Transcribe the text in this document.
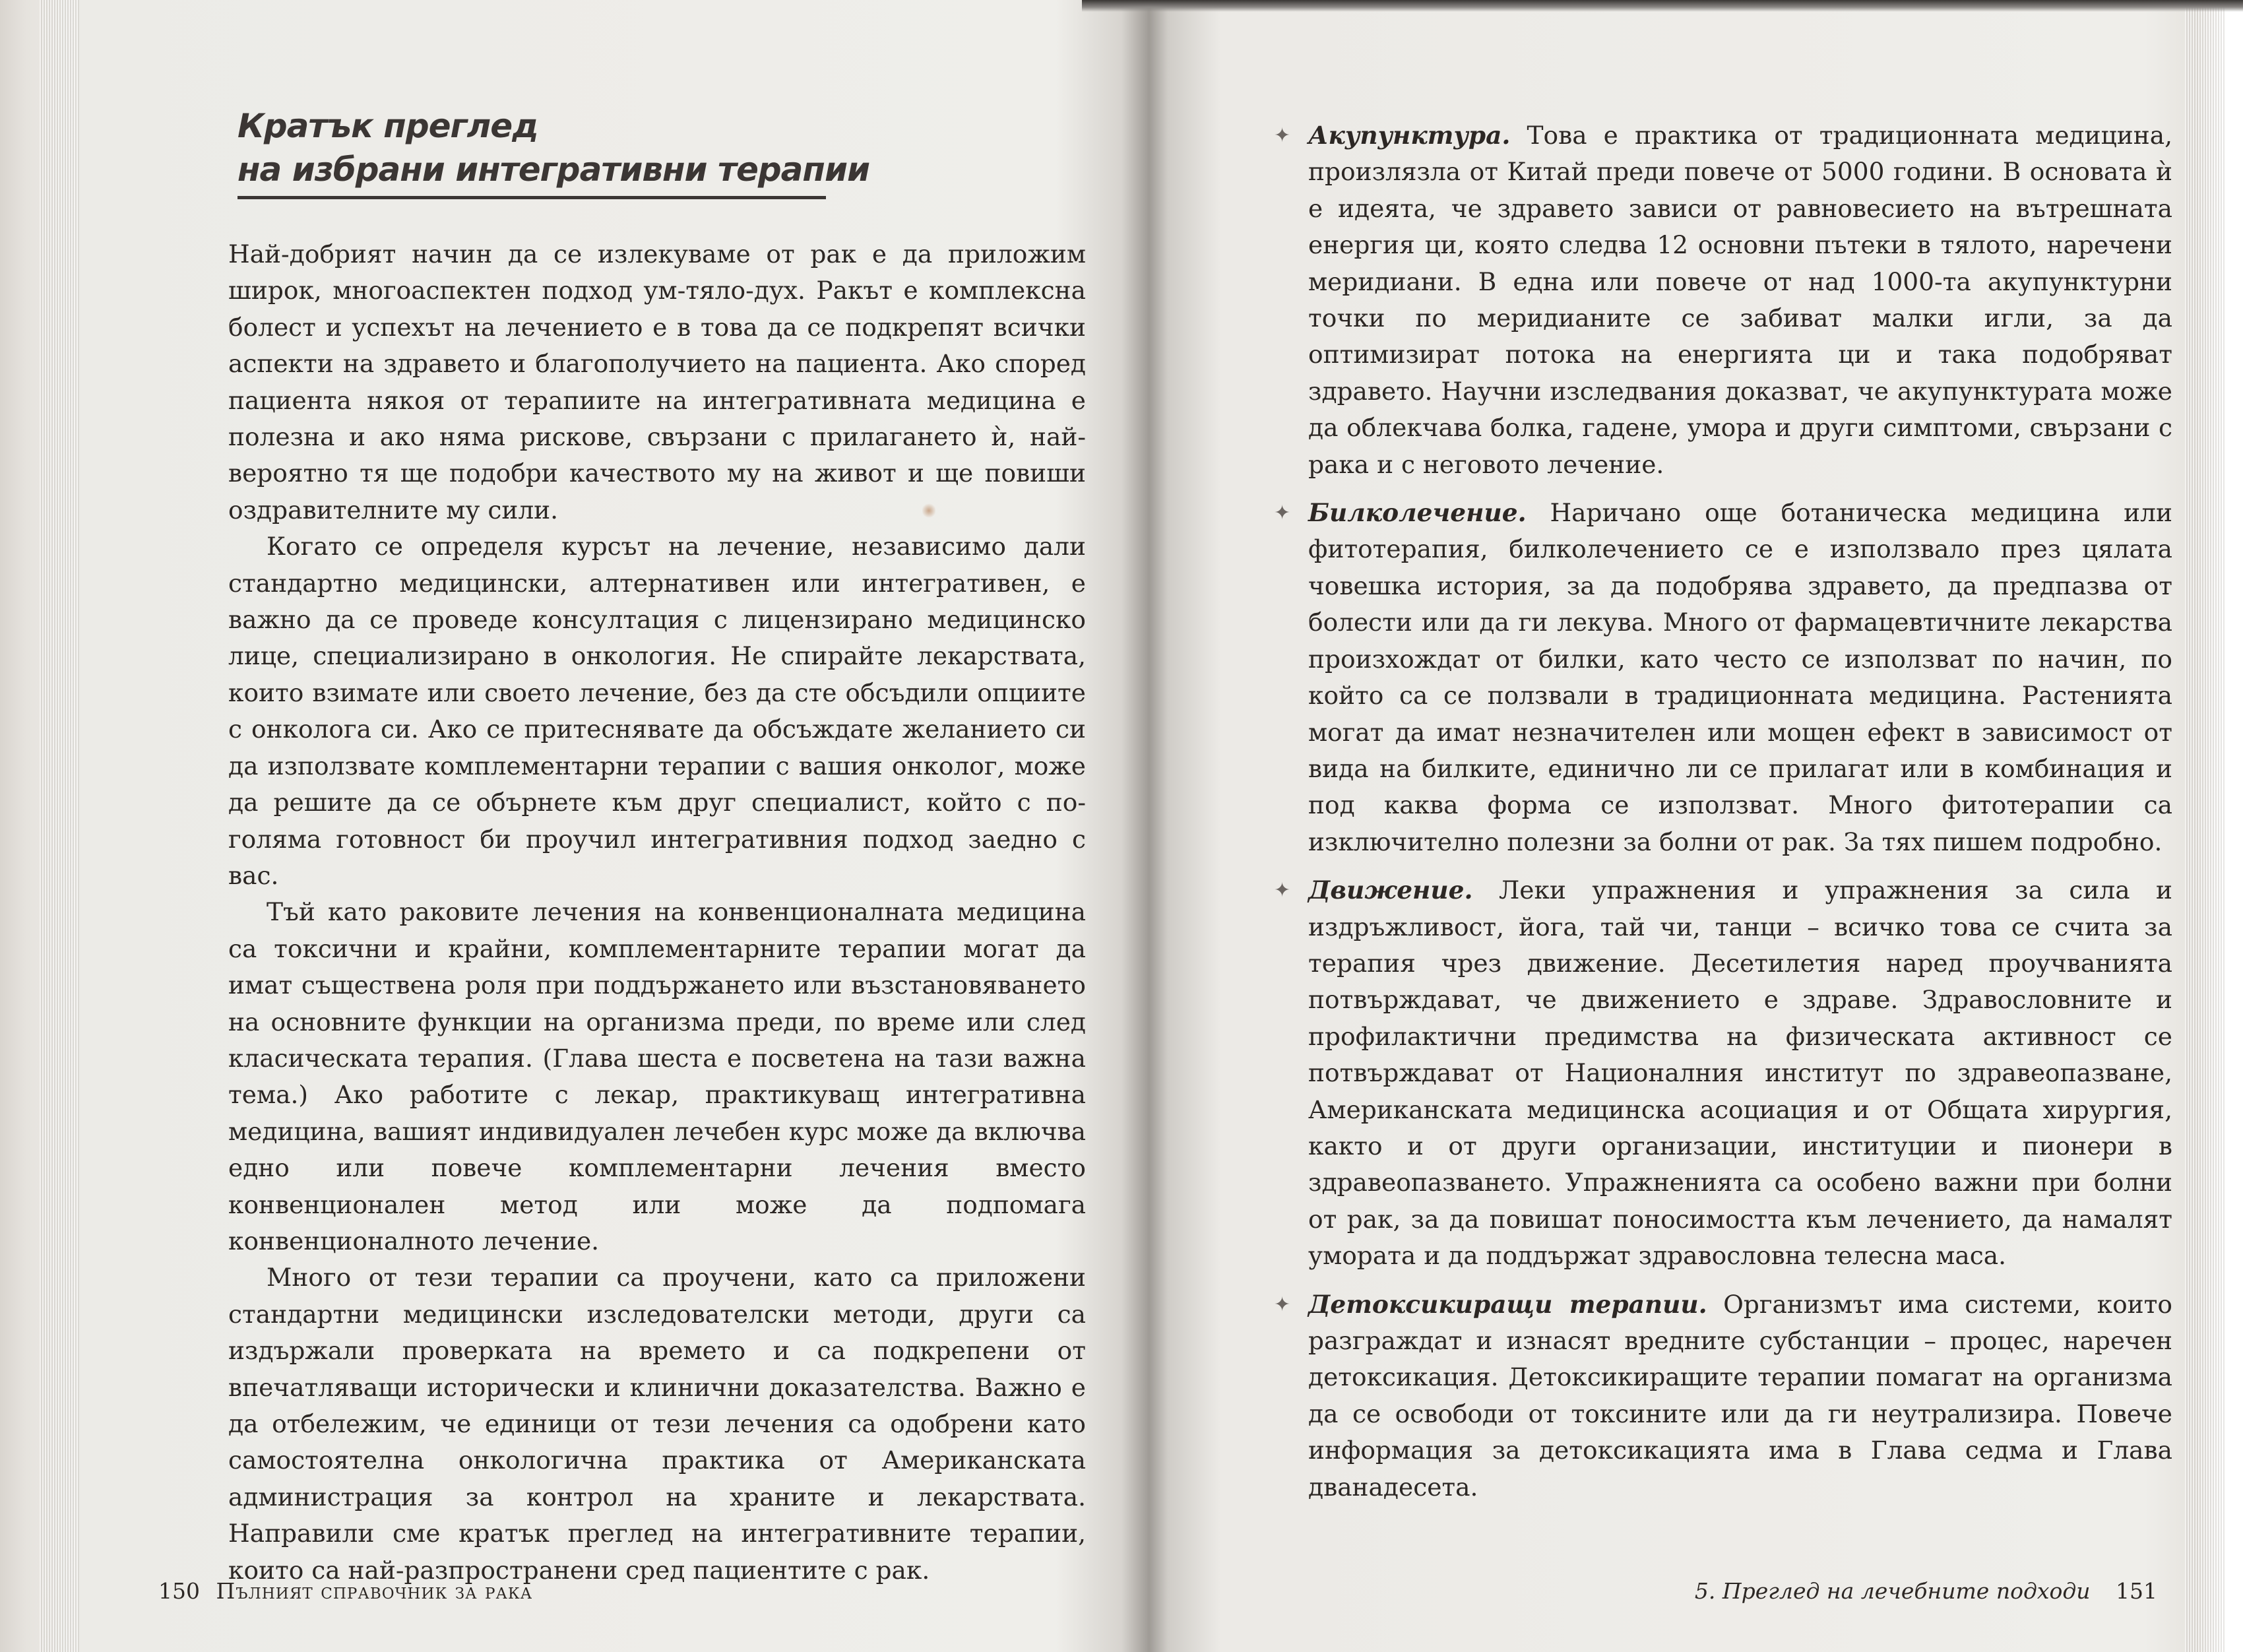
Кратък преглед
на избрани интегративни терапии

Най-добрият начин да се излекуваме от рак е да приложим широк, многоаспектен подход ум-тяло-дух. Ракът е комплексна болест и успехът на лечението е в това да се подкрепят всички аспекти на здравето и благополучието на пациента. Ако според пациента някоя от терапиите на интегративната медицина е полезна и ако няма рискове, свързани с прилагането ѝ, най-вероятно тя ще подобри качеството му на живот и ще повиши оздравителните му сили.

Когато се определя курсът на лечение, независимо дали стандартно медицински, алтернативен или интегративен, е важно да се проведе консултация с лицензирано медицинско лице, специализирано в онкология. Не спирайте лекарствата, които взимате или своето лечение, без да сте обсъдили опциите с онколога си. Ако се притеснявате да обсъждате желанието си да използвате комплементарни терапии с вашия онколог, може да решите да се обърнете към друг специалист, който с по-голяма готовност би проучил интегративния подход заедно с вас.

Тъй като раковите лечения на конвенционалната медицина са токсични и крайни, комплементарните терапии могат да имат съществена роля при поддържането или възстановяването на основните функции на организма преди, по време или след класическата терапия. (Глава шеста е посветена на тази важна тема.) Ако работите с лекар, практикуващ интегративна медицина, вашият индивидуален лечебен курс може да включва едно или повече комплементарни лечения вместо конвенционален метод или може да подпомага конвенционалното лечение.

Много от тези терапии са проучени, като са приложени стандартни медицински изследователски методи, други са издържали проверката на времето и са подкрепени от впечатляващи исторически и клинични доказателства. Важно е да отбележим, че единици от тези лечения са одобрени като самостоятелна онкологична практика от Американската администрация за контрол на храните и лекарствата. Направили сме кратък преглед на интегративните терапии, които са най-разпространени сред пациентите с рак.

150 Пълният справочник за рака
✦ Акупунктура. Това е практика от традиционната медицина, произлязла от Китай преди повече от 5000 години. В основата ѝ е идеята, че здравето зависи от равновесието на вътрешната енергия ци, която следва 12 основни пътеки в тялото, наречени меридиани. В една или повече от над 1000-та акупунктурни точки по меридианите се забиват малки игли, за да оптимизират потока на енергията ци и така подобряват здравето. Научни изследвания доказват, че акупунктурата може да облекчава болка, гадене, умора и други симптоми, свързани с рака и с неговото лечение.
✦ Билколечение. Наричано още ботаническа медицина или фитотерапия, билколечението се е използвало през цялата човешка история, за да подобрява здравето, да предпазва от болести или да ги лекува. Много от фармацевтичните лекарства произхождат от билки, като често се използват по начин, по който са се ползвали в традиционната медицина. Растенията могат да имат незначителен или мощен ефект в зависимост от вида на билките, единично ли се прилагат или в комбинация и под каква форма се използват. Много фитотерапии са изключително полезни за болни от рак. За тях пишем подробно.
✦ Движение. Леки упражнения и упражнения за сила и издръжливост, йога, тай чи, танци – всичко това се счита за терапия чрез движение. Десетилетия наред проучванията потвърждават, че движението е здраве. Здравословните и профилактични предимства на физическата активност се потвърждават от Националния институт по здравеопазване, Американската медицинска асоциация и от Общата хирургия, както и от други организации, институции и пионери в здравеопазването. Упражненията са особено важни при болни от рак, за да повишат поносимостта към лечението, да намалят умората и да поддържат здравословна телесна маса.
✦ Детоксикиращи терапии. Организмът има системи, които разграждат и изнасят вредните субстанции – процес, наречен детоксикация. Детоксикиращите терапии помагат на организма да се освободи от токсините или да ги неутрализира. Повече информация за детоксикацията има в Глава седма и Глава дванадесета.
5. Преглед на лечебните подходи 151
